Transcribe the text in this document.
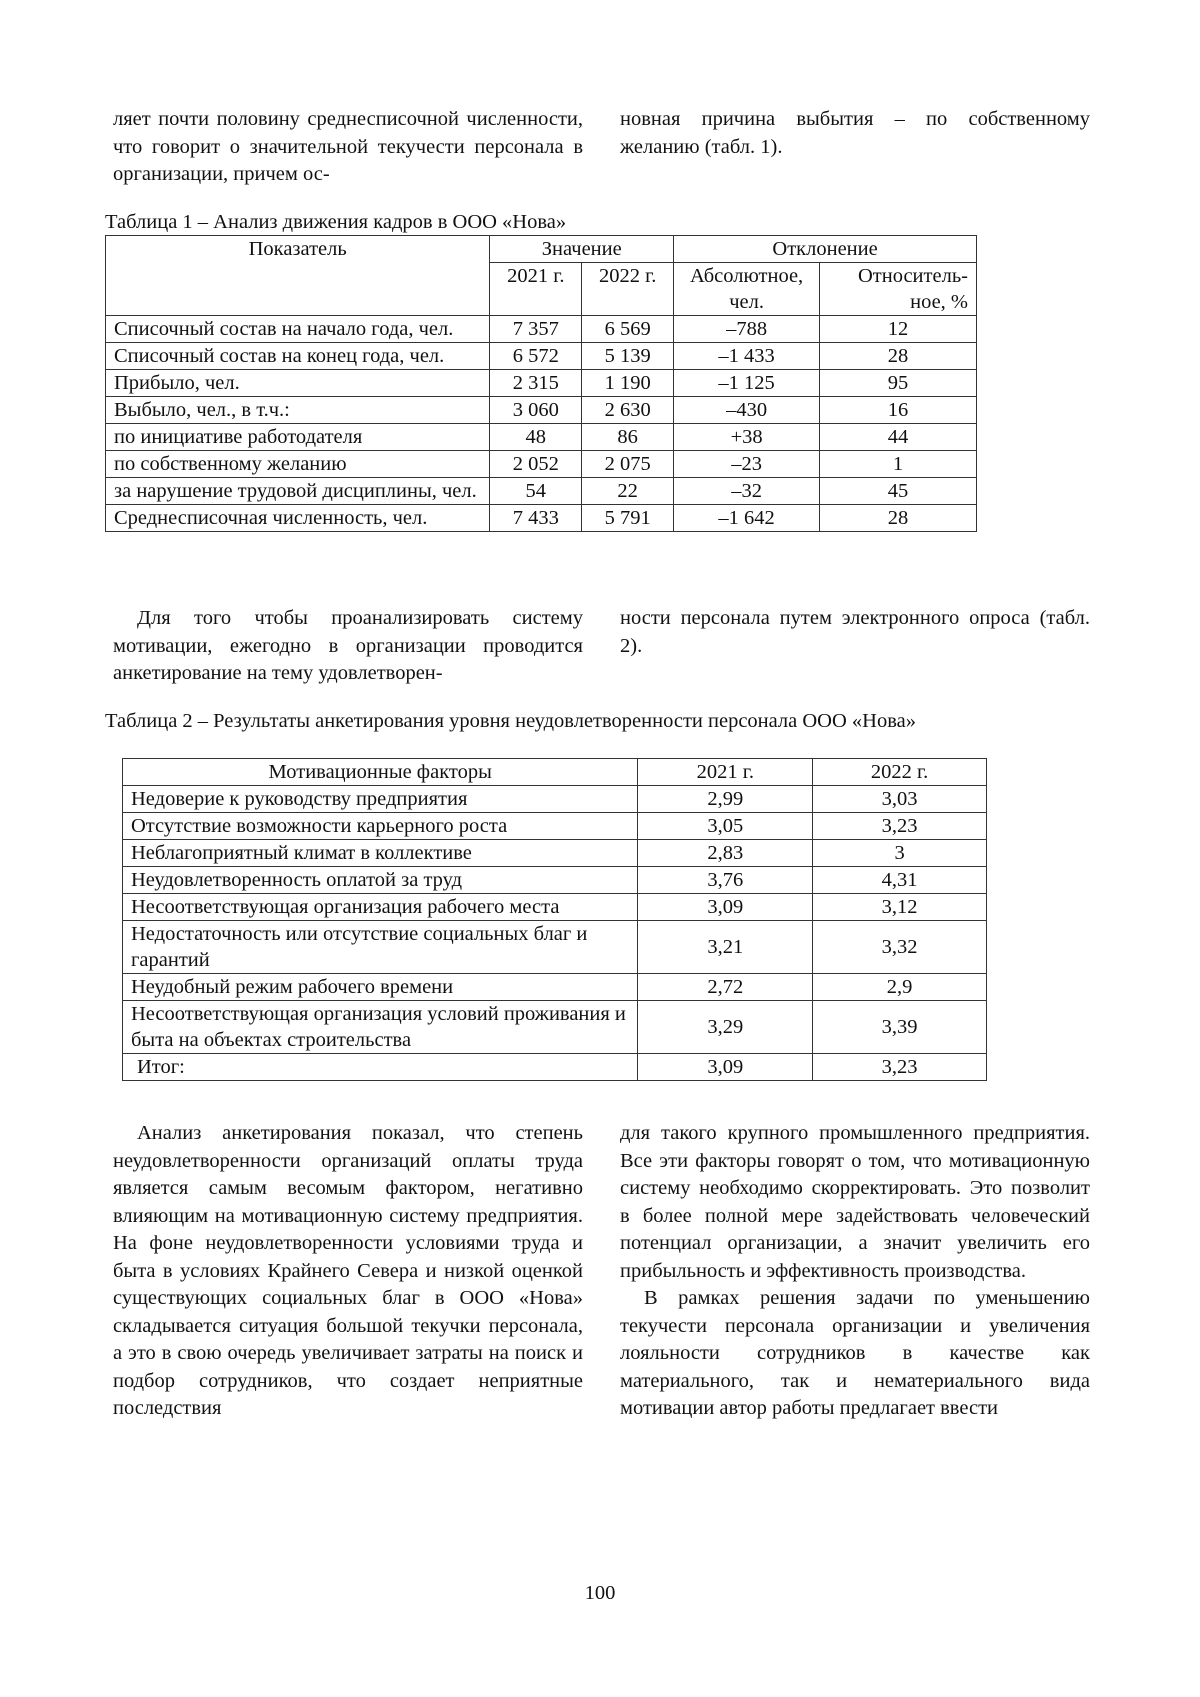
ляет почти половину среднесписочной численности, что говорит о значительной текучести персонала в организации, причем ос-

новная причина выбытия – по собственному желанию (табл. 1).

Таблица 1 – Анализ движения кадров в ООО «Нова»
Показатель	Значение		Отклонение	
	2021 г.	2022 г.	Абсолютное, чел.	Относитель-ное, %
Списочный состав на начало года, чел.	7 357	6 569	–788	12
Списочный состав на конец года, чел.	6 572	5 139	–1 433	28
Прибыло, чел.	2 315	1 190	–1 125	95
Выбыло, чел., в т.ч.:	3 060	2 630	–430	16
по инициативе работодателя	48	86	+38	44
по собственному желанию	2 052	2 075	–23	1
за нарушение трудовой дисциплины, чел.	54	22	–32	45
Среднесписочная численность, чел.	7 433	5 791	–1 642	28

Для того чтобы проанализировать систему мотивации, ежегодно в организации проводится анкетирование на тему удовлетворен-

ности персонала путем электронного опроса (табл. 2).

Таблица 2 – Результаты анкетирования уровня неудовлетворенности персонала ООО «Нова»
Мотивационные факторы	2021 г.	2022 г.
Недоверие к руководству предприятия	2,99	3,03
Отсутствие возможности карьерного роста	3,05	3,23
Неблагоприятный климат в коллективе	2,83	3
Неудовлетворенность оплатой за труд	3,76	4,31
Несоответствующая организация рабочего места	3,09	3,12
Недостаточность или отсутствие социальных благ и гарантий	3,21	3,32
Неудобный режим рабочего времени	2,72	2,9
Несоответствующая организация условий проживания и быта на объектах строительства	3,29	3,39
Итог:	3,09	3,23

Анализ анкетирования показал, что степень неудовлетворенности организаций оплаты труда является самым весомым фактором, негативно влияющим на мотивационную систему предприятия. На фоне неудовлетворенности условиями труда и быта в условиях Крайнего Севера и низкой оценкой существующих социальных благ в ООО «Нова» складывается ситуация большой текучки персонала, а это в свою очередь увеличивает затраты на поиск и подбор сотрудников, что создает неприятные последствия

для такого крупного промышленного предприятия. Все эти факторы говорят о том, что мотивационную систему необходимо скорректировать. Это позволит в более полной мере задействовать человеческий потенциал организации, а значит увеличить его прибыльность и эффективность производства.

В рамках решения задачи по уменьшению текучести персонала организации и увеличения лояльности сотрудников в качестве как материального, так и нематериального вида мотивации автор работы предлагает ввести

100
